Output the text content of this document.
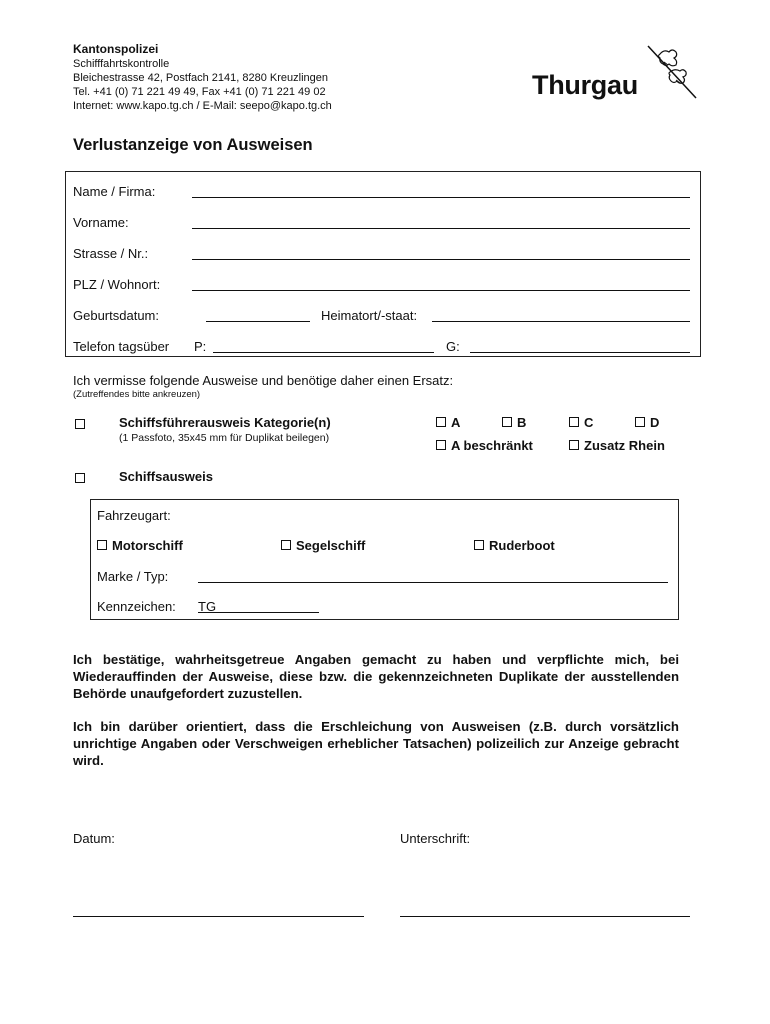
Kantonspolizei
Schifffahrtskontrolle
Bleichestrasse 42, Postfach 2141, 8280 Kreuzlingen
Tel. +41 (0) 71 221 49 49, Fax +41 (0) 71 221 49 02
Internet: www.kapo.tg.ch / E-Mail: seepo@kapo.tg.ch
Thurgau
Verlustanzeige von Ausweisen
Name / Firma:
Vorname:
Strasse / Nr.:
PLZ / Wohnort:
Geburtsdatum:	Heimatort/-staat:
Telefon tagsüber P:	G:
Ich vermisse folgende Ausweise und benötige daher einen Ersatz:
(Zutreffendes bitte ankreuzen)
Schiffsführerausweis Kategorie(n)
(1 Passfoto, 35x45 mm für Duplikat beilegen)
A	B	C	D
A beschränkt	Zusatz Rhein
Schiffsausweis
Fahrzeugart:
Motorschiff	Segelschiff	Ruderboot
Marke / Typ:
Kennzeichen: TG
Ich bestätige, wahrheitsgetreue Angaben gemacht zu haben und verpflichte mich, bei Wiederauffinden der Ausweise, diese bzw. die gekennzeichneten Duplikate der ausstellenden Behörde unaufgefordert zuzustellen.
Ich bin darüber orientiert, dass die Erschleichung von Ausweisen (z.B. durch vorsätzlich unrichtige Angaben oder Verschweigen erheblicher Tatsachen) polizeilich zur Anzeige gebracht wird.
Datum:	Unterschrift:
